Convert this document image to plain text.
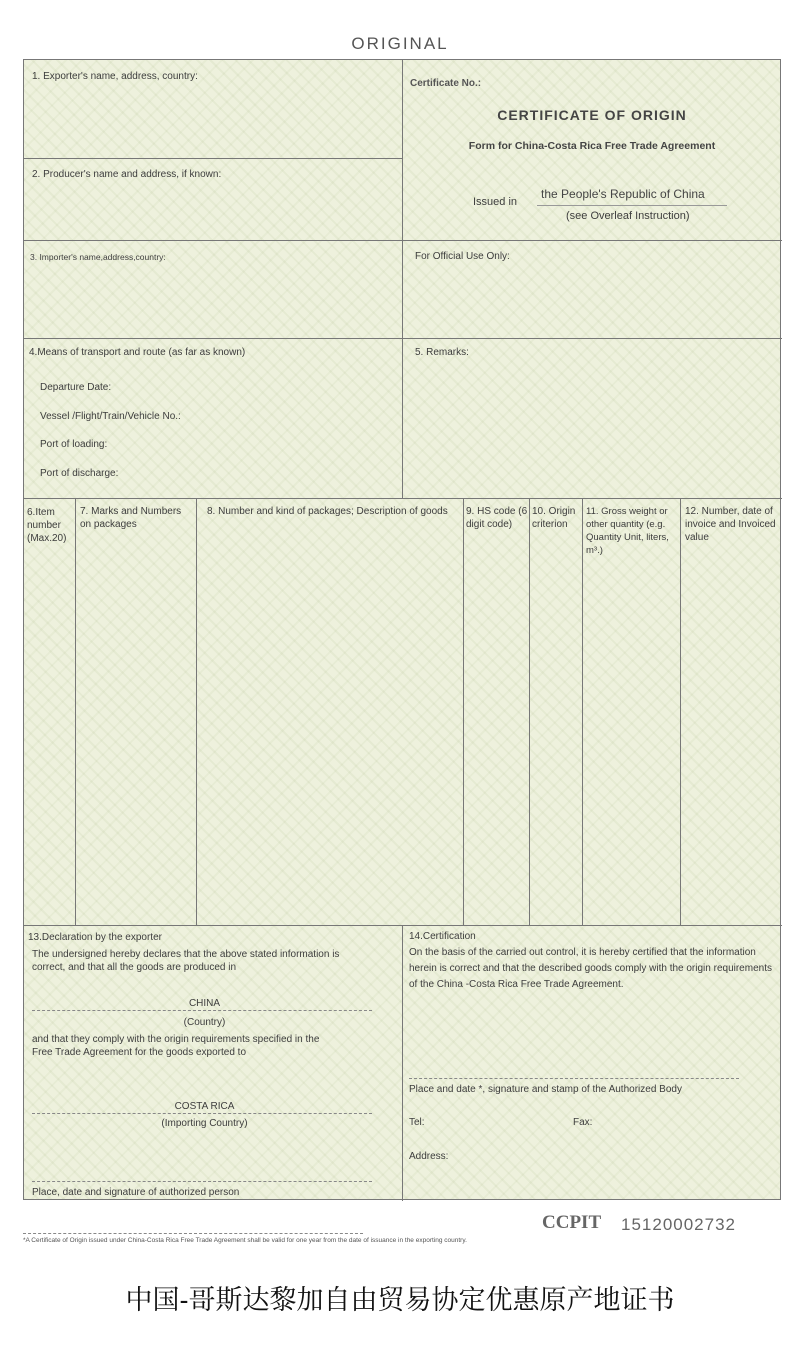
ORIGINAL
1. Exporter's name, address, country:
2. Producer's name and address, if known:
Certificate No.:
CERTIFICATE OF ORIGIN
Form for China-Costa Rica Free Trade Agreement
Issued in
the People's Republic of China
(see Overleaf Instruction)
3. Importer's name,address,country:	For Official Use Only:
4.Means of transport and route (as far as known)
Departure Date:
Vessel /Flight/Train/Vehicle No.:
Port of loading:
Port of discharge:
5. Remarks:
6.Item number (Max.20)
7. Marks and Numbers on packages
8. Number and kind of packages; Description of goods	9. HS code (6 digit code)
10. Origin criterion
11. Gross weight or other quantity (e.g. Quantity Unit, liters, m³.)
12. Number, date of invoice and Invoiced value
13.Declaration by the exporter
The undersigned hereby declares that the above stated information is correct, and that all the goods are produced in
CHINA
(Country)
and that they comply with the origin requirements specified in the Free Trade Agreement for the goods exported to
COSTA RICA
(Importing Country)
Place, date and signature of authorized person
14.Certification
On the basis of the carried out control, it is hereby certified that the information herein is correct and that the described goods comply with the origin requirements of the China -Costa Rica Free Trade Agreement.
Place and date *, signature and stamp of the Authorized Body
Tel:	Fax:
Address:
CCPIT 15120002732
*A Certificate of Origin issued under China-Costa Rica Free Trade Agreement shall be valid for one year from the date of issuance in the exporting country.
中国-哥斯达黎加自由贸易协定优惠原产地证书
